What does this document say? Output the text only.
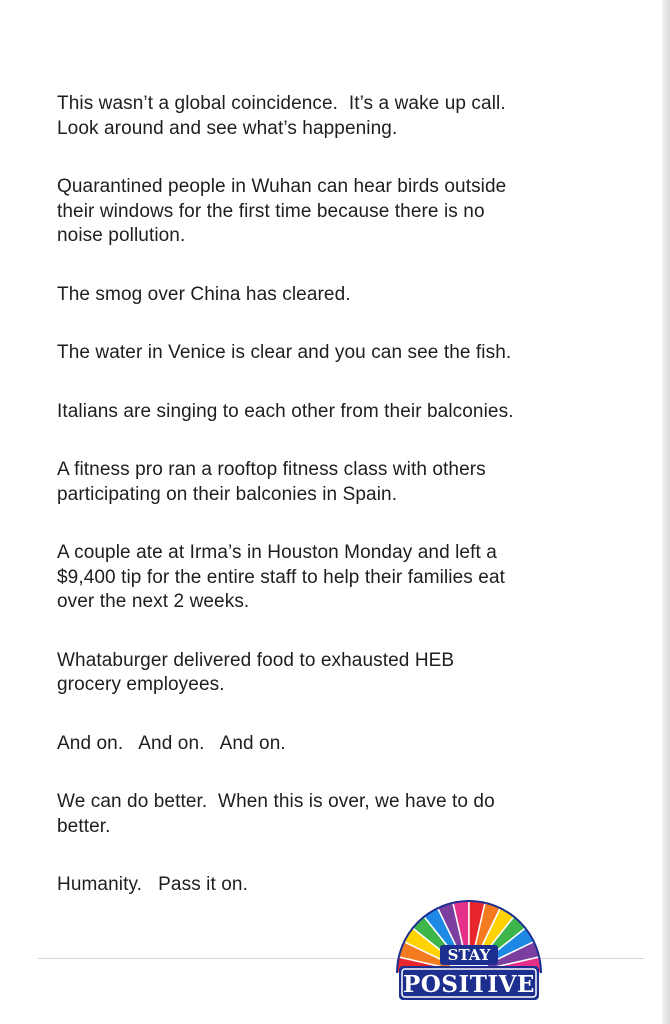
This wasn’t a global coincidence.  It’s a wake up call.
Look around and see what’s happening.

Quarantined people in Wuhan can hear birds outside
their windows for the first time because there is no
noise pollution.

The smog over China has cleared.

The water in Venice is clear and you can see the fish.

Italians are singing to each other from their balconies.

A fitness pro ran a rooftop fitness class with others
participating on their balconies in Spain.

A couple ate at Irma’s in Houston Monday and left a
$9,400 tip for the entire staff to help their families eat
over the next 2 weeks.

Whataburger delivered food to exhausted HEB
grocery employees.

And on.   And on.   And on.

We can do better.  When this is over, we have to do
better.

Humanity.   Pass it on.

STAY
POSITIVE
